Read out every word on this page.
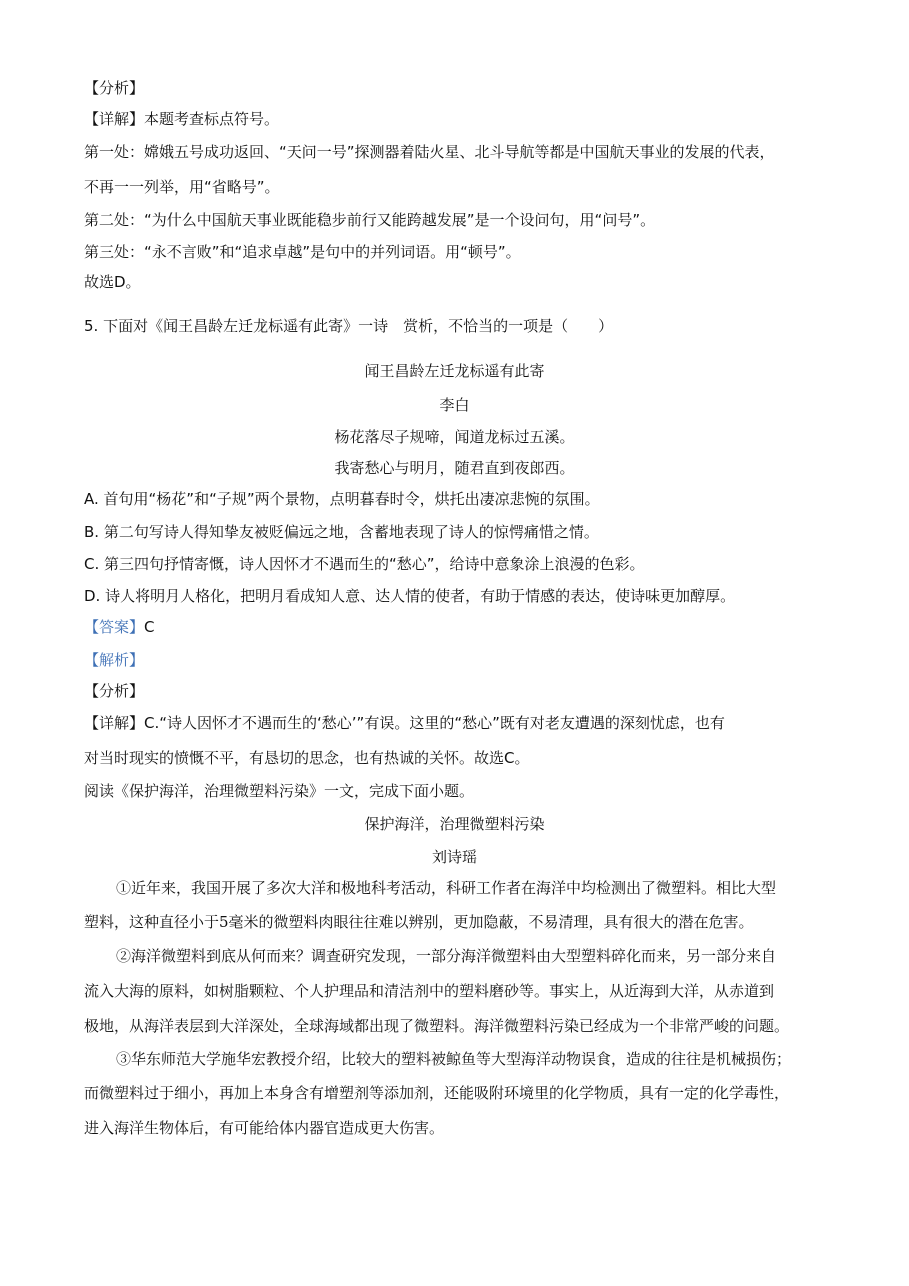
【分析】
【详解】本题考查标点符号。
第一处：嫦娥五号成功返回、“天问一号”探测器着陆火星、北斗导航等都是中国航天事业的发展的代表，
不再一一列举，用“省略号”。
第二处：“为什么中国航天事业既能稳步前行又能跨越发展”是一个设问句，用“问号”。
第三处：“永不言败”和“追求卓越”是句中的并列词语。用“顿号”。
故选D。
5. 下面对《闻王昌龄左迁龙标遥有此寄》一诗　赏析，不恰当的一项是（　　）
闻王昌龄左迁龙标遥有此寄
李白
杨花落尽子规啼，闻道龙标过五溪。
我寄愁心与明月，随君直到夜郎西。
A. 首句用“杨花”和“子规”两个景物，点明暮春时令，烘托出凄凉悲惋的氛围。
B. 第二句写诗人得知挚友被贬偏远之地，含蓄地表现了诗人的惊愕痛惜之情。
C. 第三四句抒情寄慨，诗人因怀才不遇而生的“愁心”，给诗中意象涂上浪漫的色彩。
D. 诗人将明月人格化，把明月看成知人意、达人情的使者，有助于情感的表达，使诗味更加醇厚。
【答案】C
【解析】
【分析】
【详解】C.“诗人因怀才不遇而生的‘愁心’”有误。这里的“愁心”既有对老友遭遇的深刻忧虑，也有
对当时现实的愤慨不平，有恳切的思念，也有热诚的关怀。故选C。
阅读《保护海洋，治理微塑料污染》一文，完成下面小题。
保护海洋，治理微塑料污染
刘诗瑶
①近年来，我国开展了多次大洋和极地科考活动，科研工作者在海洋中均检测出了微塑料。相比大型
塑料，这种直径小于5毫米的微塑料肉眼往往难以辨别，更加隐蔽，不易清理，具有很大的潜在危害。
②海洋微塑料到底从何而来？调查研究发现，一部分海洋微塑料由大型塑料碎化而来，另一部分来自
流入大海的原料，如树脂颗粒、个人护理品和清洁剂中的塑料磨砂等。事实上，从近海到大洋，从赤道到
极地，从海洋表层到大洋深处，全球海域都出现了微塑料。海洋微塑料污染已经成为一个非常严峻的问题。
③华东师范大学施华宏教授介绍，比较大的塑料被鲸鱼等大型海洋动物误食，造成的往往是机械损伤；
而微塑料过于细小，再加上本身含有增塑剂等添加剂，还能吸附环境里的化学物质，具有一定的化学毒性，
进入海洋生物体后，有可能给体内器官造成更大伤害。
